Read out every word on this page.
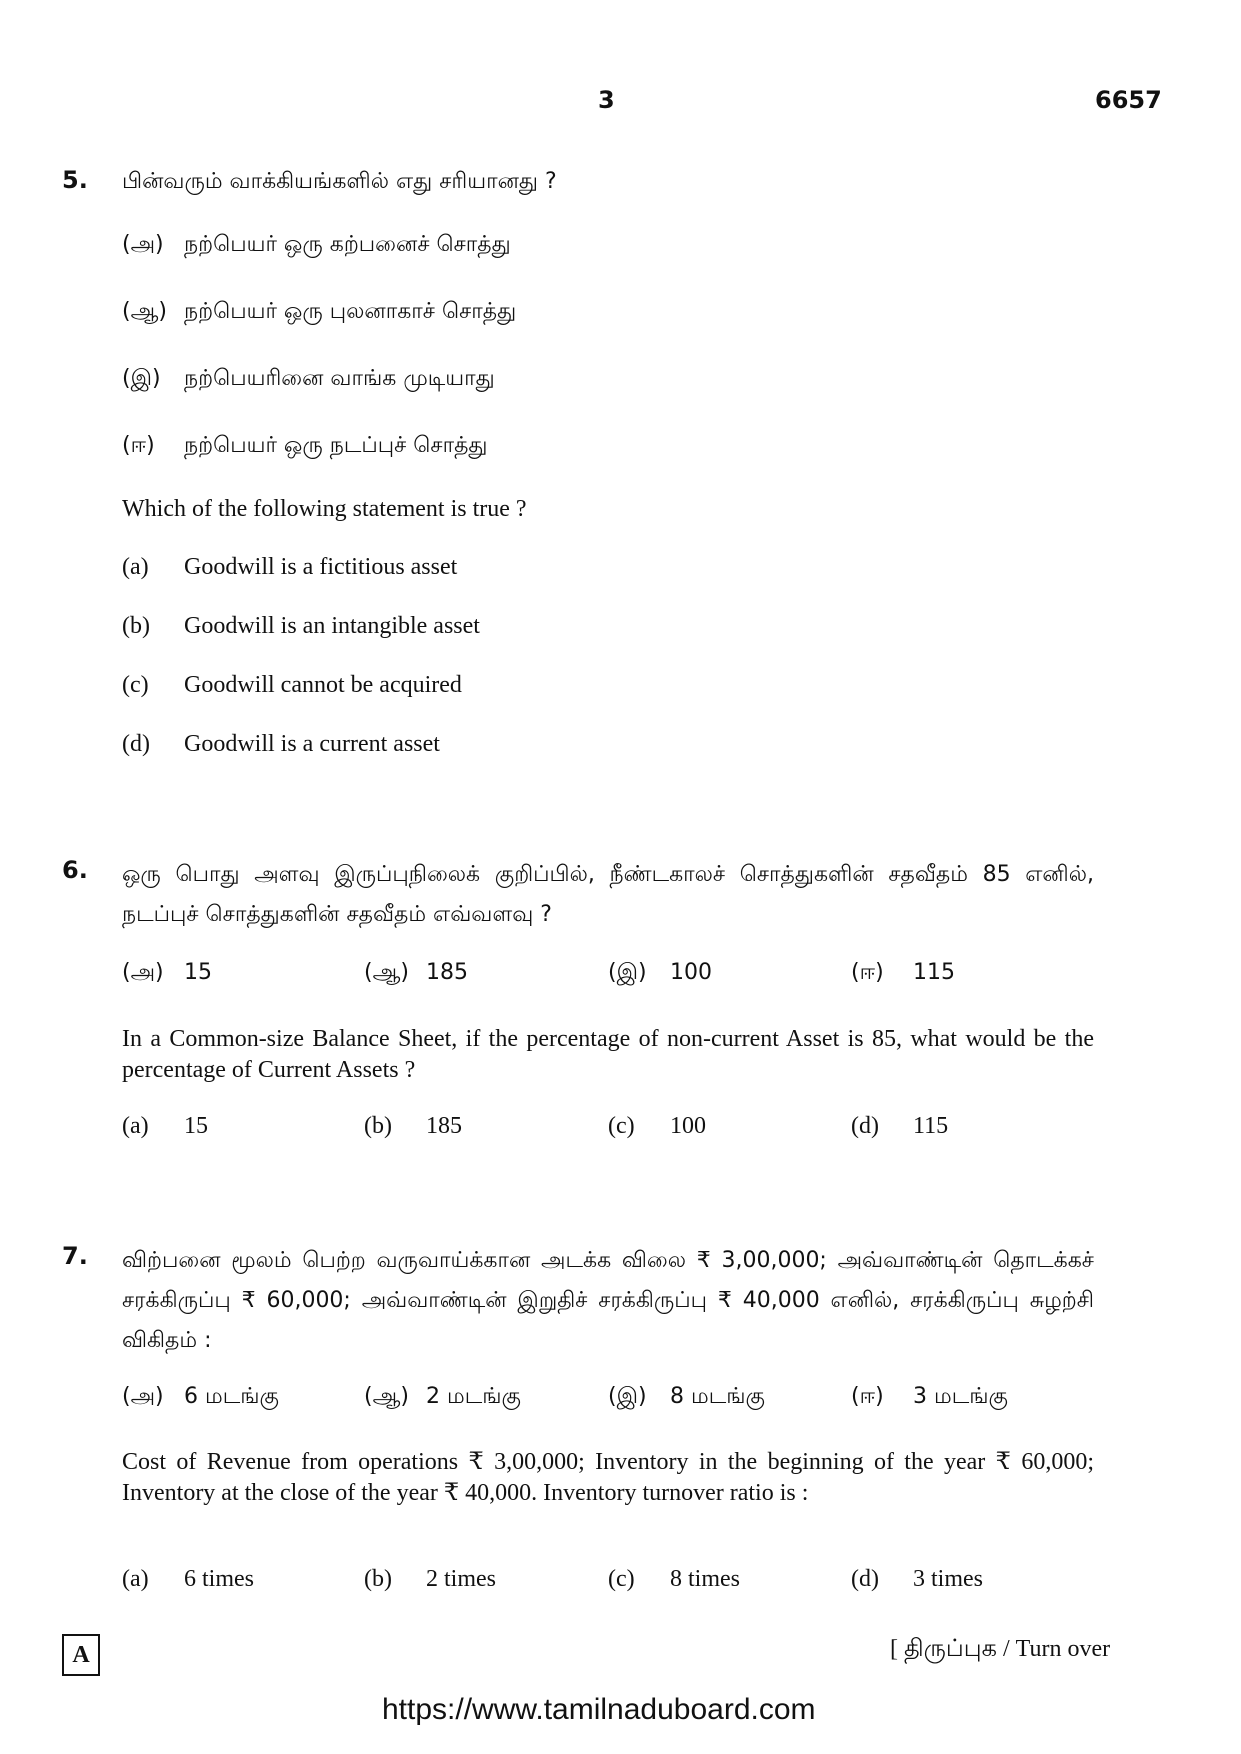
3	6657
5. பின்வரும் வாக்கியங்களில் எது சரியானது ?
(அ) நற்பெயர் ஒரு கற்பனைச் சொத்து
(ஆ) நற்பெயர் ஒரு புலனாகாச் சொத்து
(இ) நற்பெயரினை வாங்க முடியாது
(ஈ) நற்பெயர் ஒரு நடப்புச் சொத்து
Which of the following statement is true ?
(a) Goodwill is a fictitious asset
(b) Goodwill is an intangible asset
(c) Goodwill cannot be acquired
(d) Goodwill is a current asset
6. ஒரு பொது அளவு இருப்புநிலைக் குறிப்பில், நீண்டகாலச் சொத்துகளின் சதவீதம் 85 எனில், நடப்புச் சொத்துகளின் சதவீதம் எவ்வளவு ?
(அ) 15	(ஆ) 185	(இ) 100	(ஈ) 115
In a Common-size Balance Sheet, if the percentage of non-current Asset is 85, what would be the percentage of Current Assets ?
(a) 15	(b) 185	(c) 100	(d) 115
7. விற்பனை மூலம் பெற்ற வருவாய்க்கான அடக்க விலை ₹ 3,00,000; அவ்வாண்டின் தொடக்கச் சரக்கிருப்பு ₹ 60,000; அவ்வாண்டின் இறுதிச் சரக்கிருப்பு ₹ 40,000 எனில், சரக்கிருப்பு சுழற்சி விகிதம் :
(அ) 6 மடங்கு	(ஆ) 2 மடங்கு	(இ) 8 மடங்கு	(ஈ) 3 மடங்கு
Cost of Revenue from operations ₹ 3,00,000; Inventory in the beginning of the year ₹ 60,000; Inventory at the close of the year ₹ 40,000. Inventory turnover ratio is :
(a) 6 times	(b) 2 times	(c) 8 times	(d) 3 times
A	[ திருப்புக / Turn over
https://www.tamilnaduboard.com
